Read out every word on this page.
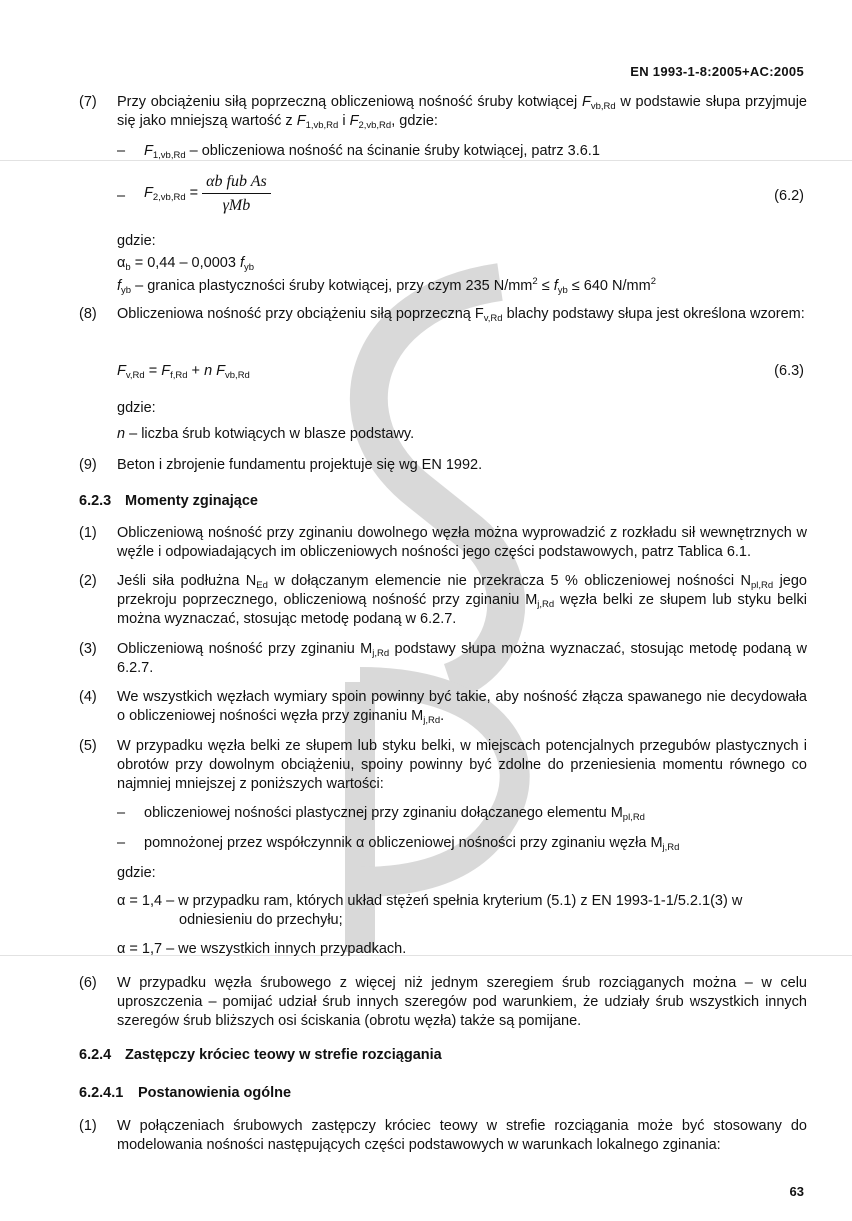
EN 1993-1-8:2005+AC:2005
(7)	Przy obciążeniu siłą poprzeczną obliczeniową nośność śruby kotwiącej $F_{vb,Rd}$ w podstawie słupa przyjmuje się jako mniejszą wartość z $F_{1,vb,Rd}$ i $F_{2,vb,Rd}$, gdzie:
– $F_{1,vb,Rd}$ – obliczeniowa nośność na ścinanie śruby kotwiącej, patrz 3.6.1
– $F_{2,vb,Rd} = \frac{\text{αb fub As}}{\text{γMb}}$	(6.2)
gdzie:
$\alpha_b = 0,44 - 0,0003$ $f_{yb}$
$f_{yb}$ – granica plastyczności śruby kotwiącej, przy czym 235 $N/mm^2 \le f_{yb} \le 640$ $N/mm^2$
(8)	Obliczeniowa nośność przy obciążeniu siłą poprzeczną $F_{v,Rd}$ blachy podstawy słupa jest określona wzorem:
$F_{v,Rd} = F_{f,Rd} + n$ $F_{vb,Rd}$	(6.3)
gdzie:
n – liczba śrub kotwiących w blasze podstawy.
(9)	Beton i zbrojenie fundamentu projektuje się wg EN 1992.
6.2.3 Momenty zginające
(1)	Obliczeniową nośność przy zginaniu dowolnego węzła można wyprowadzić z rozkładu sił wewnętrznych w węźle i odpowiadających im obliczeniowych nośności jego części podstawowych, patrz Tablica 6.1.
(2)	Jeśli siła podłużna $N_{Ed}$ w dołączanym elemencie nie przekracza 5 % obliczeniowej nośności $N_{pl,Rd}$ jego przekroju poprzecznego, obliczeniową nośność przy zginaniu $M_{j,Rd}$ węzła belki ze słupem lub styku belki można wyznaczać, stosując metodę podaną w 6.2.7.
(3)	Obliczeniową nośność przy zginaniu $M_{j,Rd}$ podstawy słupa można wyznaczać, stosując metodę podaną w 6.2.7.
(4)	We wszystkich węzłach wymiary spoin powinny być takie, aby nośność złącza spawanego nie decydowała o obliczeniowej nośności węzła przy zginaniu $M_{j,Rd}$.
(5)	W przypadku węzła belki ze słupem lub styku belki, w miejscach potencjalnych przegubów plastycznych i obrotów przy dowolnym obciążeniu, spoiny powinny być zdolne do przeniesienia momentu równego co najmniej mniejszej z poniższych wartości:
– obliczeniowej nośności plastycznej przy zginaniu dołączanego elementu $M_{pl,Rd}$
– pomnożonej przez współczynnik α obliczeniowej nośności przy zginaniu węzła $M_{j,Rd}$
gdzie:
α = 1,4 – w przypadku ram, których układ stężeń spełnia kryterium (5.1) z EN 1993-1-1/5.2.1(3) w odniesieniu do przechyłu;
α = 1,7 – we wszystkich innych przypadkach.
(6)	W przypadku węzła śrubowego z więcej niż jednym szeregiem śrub rozciąganych można – w celu uproszczenia – pomijać udział śrub innych szeregów pod warunkiem, że udziały śrub wszystkich innych szeregów śrub bliższych osi ściskania (obrotu węzła) także są pomijane.
6.2.4 Zastępczy króciec teowy w strefie rozciągania
6.2.4.1 Postanowienia ogólne
(1)	W połączeniach śrubowych zastępczy króciec teowy w strefie rozciągania może być stosowany do modelowania nośności następujących części podstawowych w warunkach lokalnego zginania:
63
